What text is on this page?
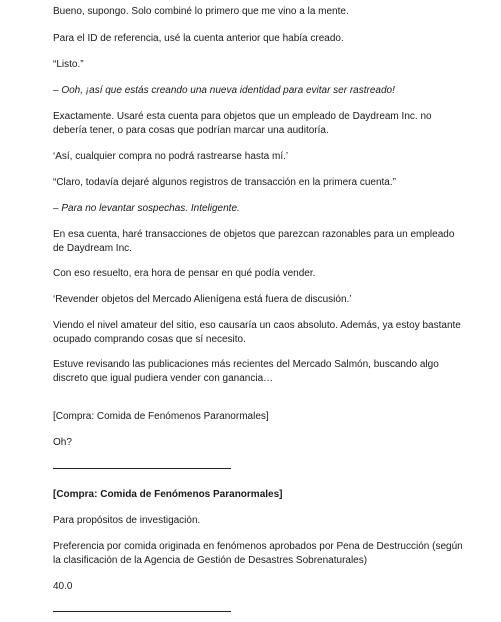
Bueno, supongo. Solo combiné lo primero que me vino a la mente.

Para el ID de referencia, usé la cuenta anterior que había creado.

“Listo.”

– Ooh, ¡así que estás creando una nueva identidad para evitar ser rastreado!

Exactamente. Usaré esta cuenta para objetos que un empleado de Daydream Inc. no debería tener, o para cosas que podrían marcar una auditoría.

‘Así, cualquier compra no podrá rastrearse hasta mí.’

“Claro, todavía dejaré algunos registros de transacción en la primera cuenta.”

– Para no levantar sospechas. Inteligente.

En esa cuenta, haré transacciones de objetos que parezcan razonables para un empleado de Daydream Inc.

Con eso resuelto, era hora de pensar en qué podía vender.

‘Revender objetos del Mercado Alienígena está fuera de discusión.’

Viendo el nivel amateur del sitio, eso causaría un caos absoluto. Además, ya estoy bastante ocupado comprando cosas que sí necesito.

Estuve revisando las publicaciones más recientes del Mercado Salmón, buscando algo discreto que igual pudiera vender con ganancia…

[Compra: Comida de Fenómenos Paranormales]

Oh?

[Compra: Comida de Fenómenos Paranormales]

Para propósitos de investigación.

Preferencia por comida originada en fenómenos aprobados por Pena de Destrucción (según la clasificación de la Agencia de Gestión de Desastres Sobrenaturales)

40.0
